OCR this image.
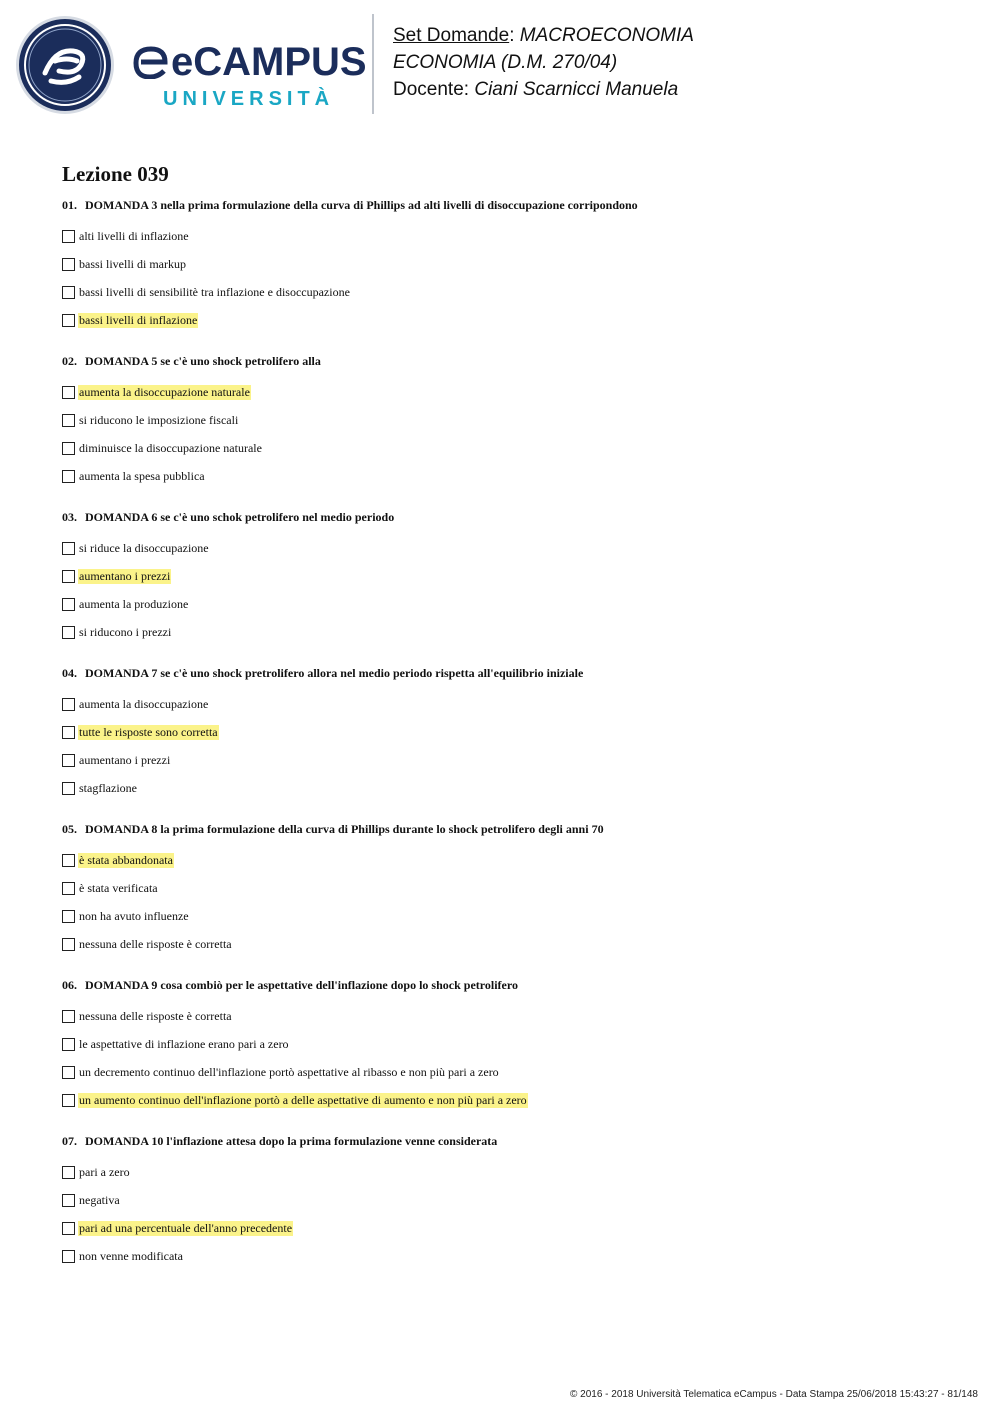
eCAMPUS
UNIVERSITÀ
Set Domande: MACROECONOMIA
ECONOMIA (D.M. 270/04)
Docente: Ciani Scarnicci Manuela
Lezione 039
01. DOMANDA 3 nella prima formulazione della curva di Phillips ad alti livelli di disoccupazione corripondono
alti livelli di inflazione
bassi livelli di markup
bassi livelli di sensibilitè tra inflazione e disoccupazione
bassi livelli di inflazione
02. DOMANDA 5 se c'è uno shock petrolifero alla
aumenta la disoccupazione naturale
si riducono le imposizione fiscali
diminuisce la disoccupazione naturale
aumenta la spesa pubblica
03. DOMANDA 6 se c'è uno schok petrolifero nel medio periodo
si riduce la disoccupazione
aumentano i prezzi
aumenta la produzione
si riducono i prezzi
04. DOMANDA 7 se c'è uno shock pretrolifero allora nel medio periodo rispetta all'equilibrio iniziale
aumenta la disoccupazione
tutte le risposte sono corretta
aumentano i prezzi
stagflazione
05. DOMANDA 8 la prima formulazione della curva di Phillips durante lo shock petrolifero degli anni 70
è stata abbandonata
è stata verificata
non ha avuto influenze
nessuna delle risposte è corretta
06. DOMANDA 9 cosa combiò per le aspettative dell'inflazione dopo lo shock petrolifero
nessuna delle risposte è corretta
le aspettative di inflazione erano pari a zero
un decremento continuo dell'inflazione portò aspettative al ribasso e non più pari a zero
un aumento continuo dell'inflazione portò a delle aspettative di aumento e non più pari a zero
07. DOMANDA 10 l'inflazione attesa dopo la prima formulazione venne considerata
pari a zero
negativa
pari ad una percentuale dell'anno precedente
non venne modificata
© 2016 - 2018 Università Telematica eCampus - Data Stampa 25/06/2018 15:43:27 - 81/148
